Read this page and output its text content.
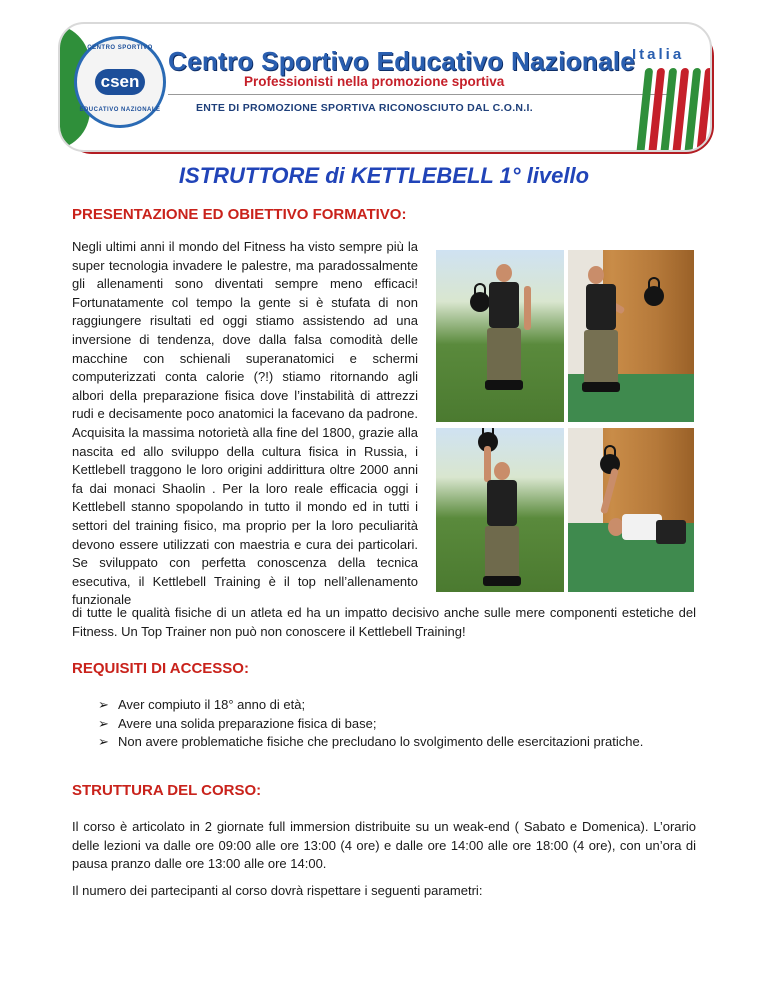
CENTRO SPORTIVO
csen
EDUCATIVO NAZIONALE
Centro Sportivo Educativo Nazionale
Professionisti nella promozione sportiva
ENTE DI PROMOZIONE SPORTIVA RICONOSCIUTO DAL C.O.N.I.
Italia
ISTRUTTORE di KETTLEBELL 1° livello
PRESENTAZIONE ED OBIETTIVO FORMATIVO:
Negli ultimi anni il mondo del Fitness ha visto sempre più la super tecnologia invadere le palestre, ma paradossalmente gli allenamenti sono diventati sempre meno efficaci! Fortunatamente col tempo la gente si è stufata di non raggiungere risultati ed oggi stiamo assistendo ad una inversione di tendenza, dove dalla falsa comodità delle macchine con schienali superanatomici e schermi computerizzati conta calorie (?!) stiamo ritornando agli albori della preparazione fisica dove l’instabilità di attrezzi rudi e decisamente poco anatomici la facevano da padrone. Acquisita la massima notorietà alla fine del 1800, grazie alla nascita ed allo sviluppo della cultura fisica in Russia, i Kettlebell traggono le loro origini addirittura oltre 2000 anni fa dai monaci Shaolin . Per la loro reale efficacia oggi i Kettlebell stanno spopolando in tutto il mondo ed in tutti i settori del training fisico, ma proprio per la loro peculiarità devono essere utilizzati con maestria e cura dei particolari. Se sviluppato con perfetta conoscenza della tecnica esecutiva, il Kettlebell Training è il top nell’allenamento funzionale
di tutte le qualità fisiche di un atleta ed ha un impatto decisivo anche sulle mere componenti estetiche del Fitness. Un Top Trainer non può non conoscere il Kettlebell Training!
REQUISITI DI ACCESSO:
➢ Aver compiuto il 18° anno di età;
➢ Avere una solida preparazione fisica di base;
➢ Non avere problematiche fisiche che precludano lo svolgimento delle esercitazioni pratiche.
STRUTTURA DEL CORSO:
Il corso è articolato in 2 giornate full immersion distribuite su un weak-end ( Sabato e Domenica). L’orario delle lezioni va dalle ore 09:00 alle ore 13:00 (4 ore) e dalle ore 14:00 alle ore 18:00 (4 ore), con un’ora di pausa pranzo dalle ore 13:00 alle ore 14:00.
Il numero dei partecipanti al corso dovrà rispettare i seguenti parametri:
